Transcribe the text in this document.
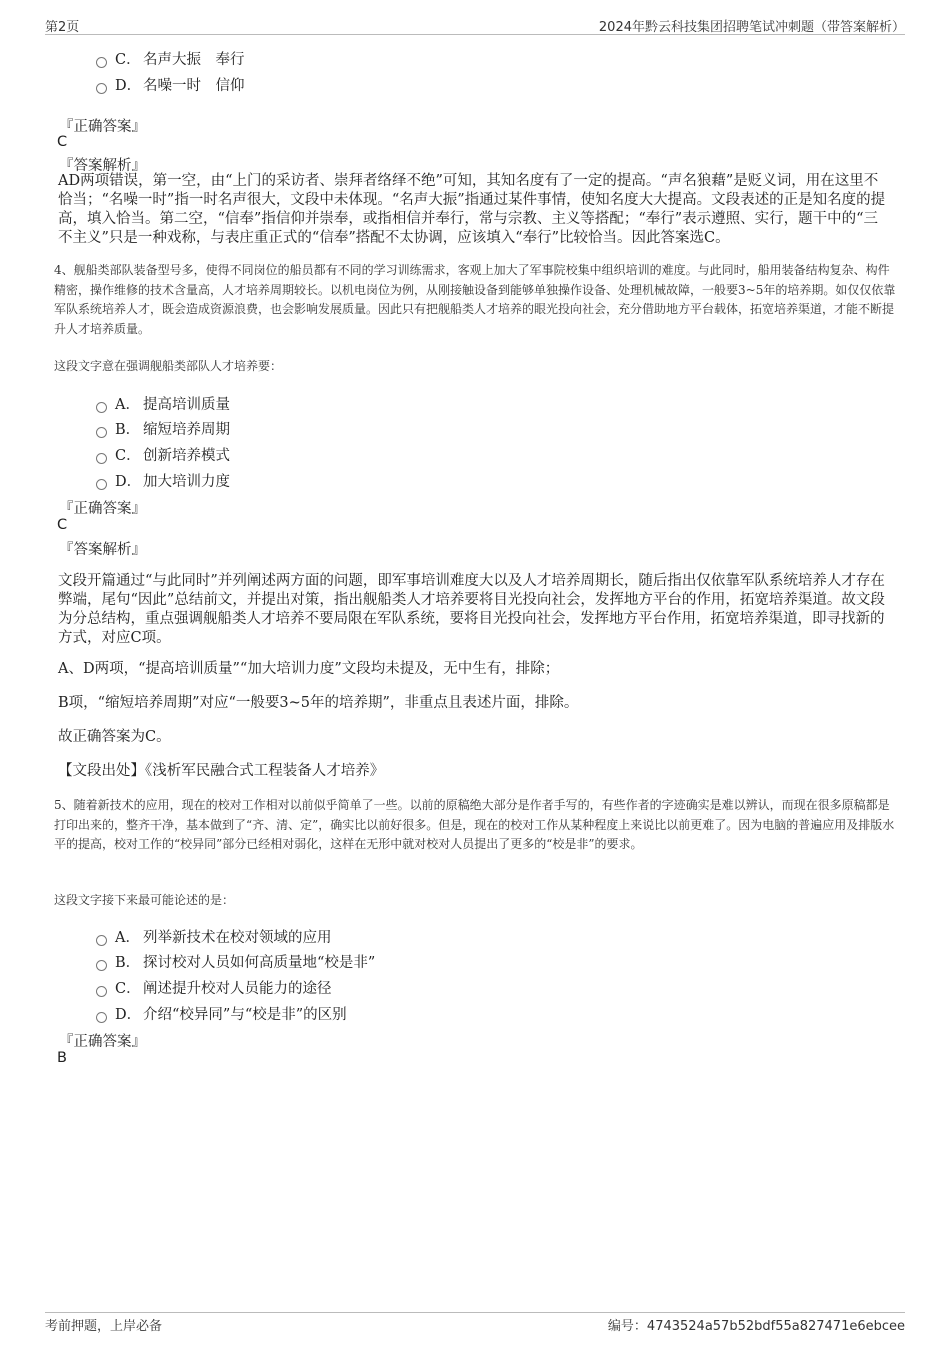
第2页	2024年黔云科技集团招聘笔试冲刺题（带答案解析）
C． 名声大振　奉行
D． 名噪一时　信仰
『正确答案』
C
『答案解析』
AD两项错误，第一空，由“上门的采访者、崇拜者络绎不绝”可知，其知名度有了一定的提高。“声名狼藉”是贬义词，用在这里不恰当；“名噪一时”指一时名声很大，文段中未体现。“名声大振”指通过某件事情，使知名度大大提高。文段表述的正是知名度的提高，填入恰当。第二空，“信奉”指信仰并崇奉，或指相信并奉行，常与宗教、主义等搭配；“奉行”表示遵照、实行，题干中的“三不主义”只是一种戏称，与表庄重正式的“信奉”搭配不太协调，应该填入“奉行”比较恰当。因此答案选C。
4、舰船类部队装备型号多，使得不同岗位的船员都有不同的学习训练需求，客观上加大了军事院校集中组织培训的难度。与此同时，船用装备结构复杂、构件精密，操作维修的技术含量高，人才培养周期较长。以机电岗位为例，从刚接触设备到能够单独操作设备、处理机械故障，一般要3~5年的培养期。如仅仅依靠军队系统培养人才，既会造成资源浪费，也会影响发展质量。因此只有把舰船类人才培养的眼光投向社会，充分借助地方平台载体，拓宽培养渠道，才能不断提升人才培养质量。
这段文字意在强调舰船类部队人才培养要：
A． 提高培训质量
B． 缩短培养周期
C． 创新培养模式
D． 加大培训力度
『正确答案』
C
『答案解析』
文段开篇通过“与此同时”并列阐述两方面的问题，即军事培训难度大以及人才培养周期长，随后指出仅依靠军队系统培养人才存在弊端，尾句“因此”总结前文，并提出对策，指出舰船类人才培养要将目光投向社会，发挥地方平台的作用，拓宽培养渠道。故文段为分总结构，重点强调舰船类人才培养不要局限在军队系统，要将目光投向社会，发挥地方平台作用，拓宽培养渠道，即寻找新的方式，对应C项。
A、D两项，“提高培训质量”“加大培训力度”文段均未提及，无中生有，排除；
B项，“缩短培养周期”对应“一般要3~5年的培养期”，非重点且表述片面，排除。
故正确答案为C。
【文段出处】《浅析军民融合式工程装备人才培养》
5、随着新技术的应用，现在的校对工作相对以前似乎简单了一些。以前的原稿绝大部分是作者手写的，有些作者的字迹确实是难以辨认，而现在很多原稿都是打印出来的，整齐干净，基本做到了“齐、清、定”，确实比以前好很多。但是，现在的校对工作从某种程度上来说比以前更难了。因为电脑的普遍应用及排版水平的提高，校对工作的“校异同”部分已经相对弱化，这样在无形中就对校对人员提出了更多的“校是非”的要求。
这段文字接下来最可能论述的是：
A． 列举新技术在校对领域的应用
B． 探讨校对人员如何高质量地“校是非”
C． 阐述提升校对人员能力的途径
D． 介绍“校异同”与“校是非”的区别
『正确答案』
B
考前押题，上岸必备	编号：4743524a57b52bdf55a827471e6ebcee
